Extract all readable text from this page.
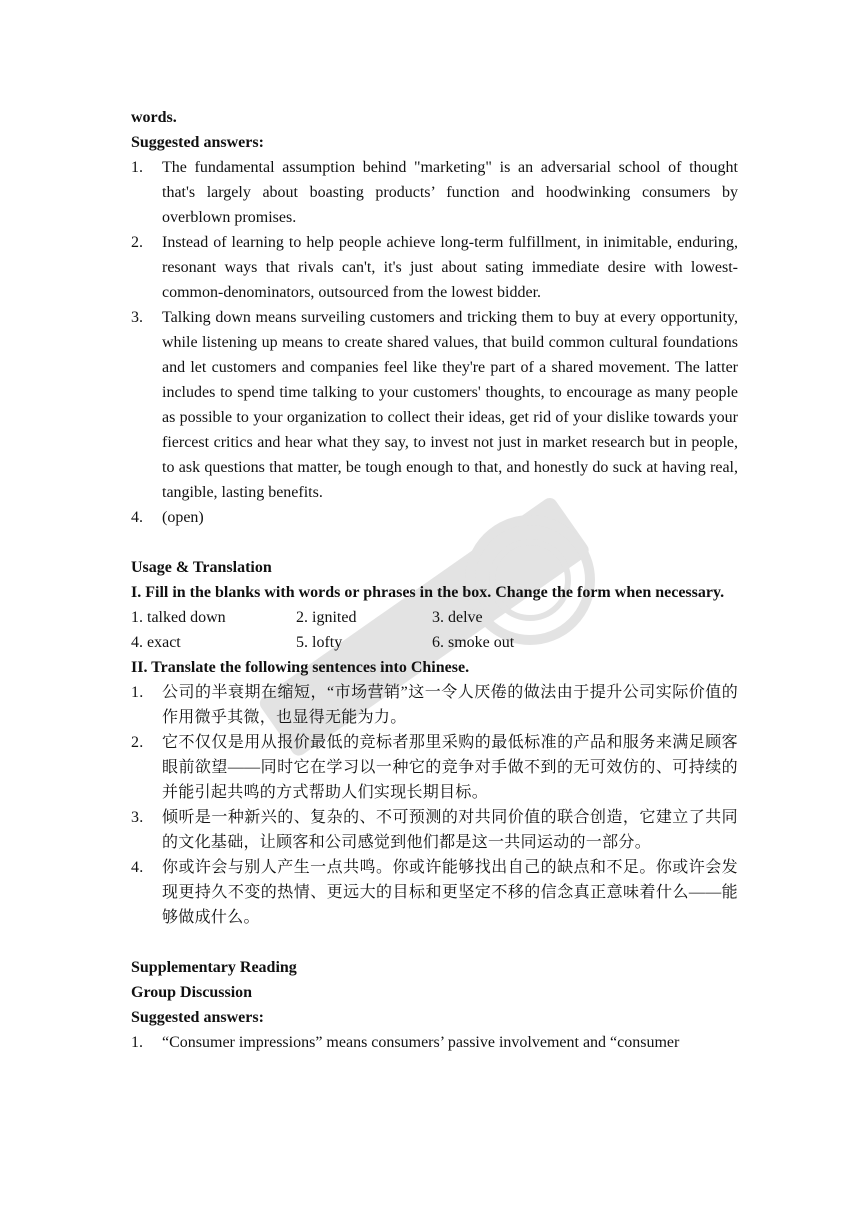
words.

Suggested answers:

1. The fundamental assumption behind "marketing" is an adversarial school of thought that's largely about boasting products’ function and hoodwinking consumers by overblown promises.
2. Instead of learning to help people achieve long-term fulfillment, in inimitable, enduring, resonant ways that rivals can't, it's just about sating immediate desire with lowest-common-denominators, outsourced from the lowest bidder.
3. Talking down means surveiling customers and tricking them to buy at every opportunity, while listening up means to create shared values, that build common cultural foundations and let customers and companies feel like they're part of a shared movement. The latter includes to spend time talking to your customers' thoughts, to encourage as many people as possible to your organization to collect their ideas, get rid of your dislike towards your fiercest critics and hear what they say, to invest not just in market research but in people, to ask questions that matter, be tough enough to that, and honestly do suck at having real, tangible, lasting benefits.
4. (open)

Usage & Translation

I. Fill in the blanks with words or phrases in the box. Change the form when necessary.

1. talked down	2. ignited	3. delve
4. exact	5. lofty	6. smoke out

II. Translate the following sentences into Chinese.

1. 公司的半衰期在缩短，“市场营销”这一令人厌倦的做法由于提升公司实际价值的作用微乎其微，也显得无能为力。
2. 它不仅仅是用从报价最低的竞标者那里采购的最低标准的产品和服务来满足顾客眼前欲望——同时它在学习以一种它的竞争对手做不到的无可效仿的、可持续的并能引起共鸣的方式帮助人们实现长期目标。
3. 倾听是一种新兴的、复杂的、不可预测的对共同价值的联合创造，它建立了共同的文化基础，让顾客和公司感觉到他们都是这一共同运动的一部分。
4. 你或许会与别人产生一点共鸣。你或许能够找出自己的缺点和不足。你或许会发现更持久不变的热情、更远大的目标和更坚定不移的信念真正意味着什么——能够做成什么。

Supplementary Reading

Group Discussion

Suggested answers:

1. “Consumer impressions” means consumers’ passive involvement and “consumer
